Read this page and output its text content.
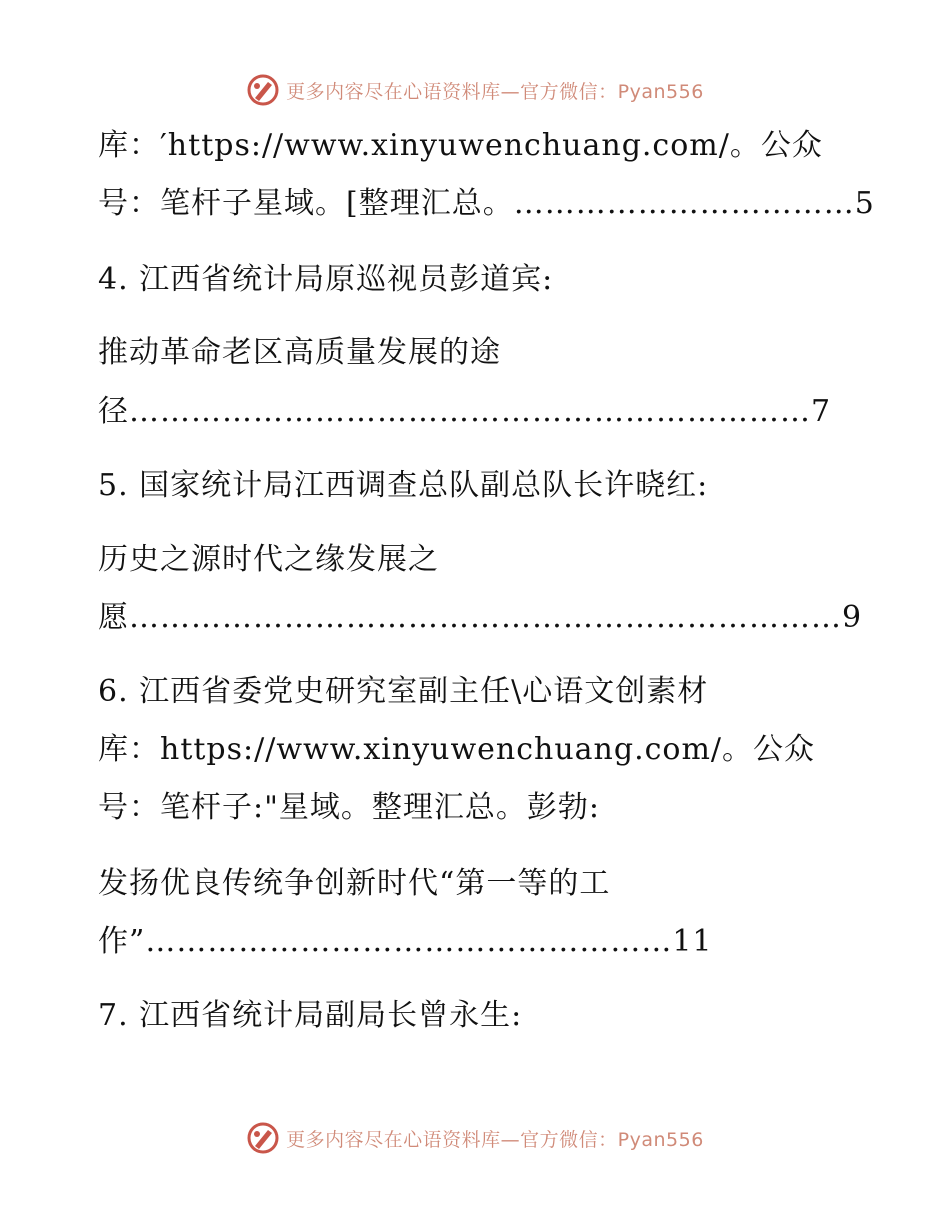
更多内容尽在心语资料库—官方微信：Pyan556
库：′https://www.xinyuwenchuang.com/。公众
号：笔杆子星域。[整理汇总。……………………………5
4. 江西省统计局原巡视员彭道宾:
推动革命老区高质量发展的途
径…………………………………………………………7
5. 国家统计局江西调查总队副总队长许晓红:
历史之源时代之缘发展之
愿……………………………………………………………9
6. 江西省委党史研究室副主任\心语文创素材
库：https://www.xinyuwenchuang.com/。公众
号：笔杆子:"星域。整理汇总。彭勃:
发扬优良传统争创新时代“第一等的工
作”……………………………………………11
7. 江西省统计局副局长曾永生:
更多内容尽在心语资料库—官方微信：Pyan556
